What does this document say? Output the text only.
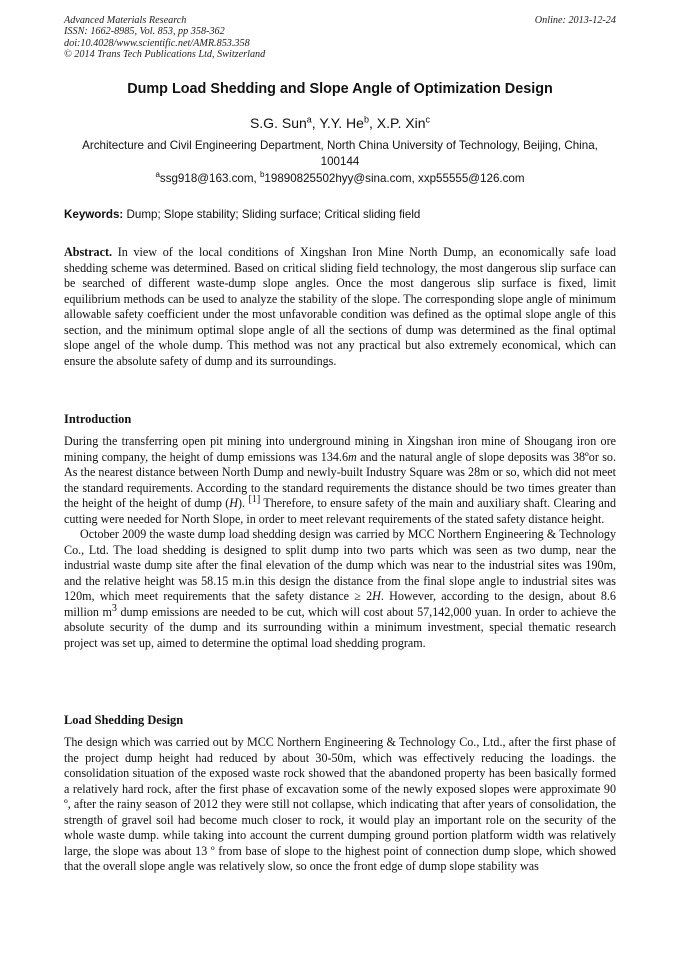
Advanced Materials Research
ISSN: 1662-8985, Vol. 853, pp 358-362
doi:10.4028/www.scientific.net/AMR.853.358
© 2014 Trans Tech Publications Ltd, Switzerland
Online: 2013-12-24
Dump Load Shedding and Slope Angle of Optimization Design
S.G. Sun$^a$, Y.Y. He$^b$, X.P. Xin$^c$
Architecture and Civil Engineering Department, North China University of Technology, Beijing, China, 100144
$^a$ssg918@163.com, $^b$19890825502hyy@sina.com, xxp55555@126.com
Keywords: Dump; Slope stability; Sliding surface; Critical sliding field
Abstract. In view of the local conditions of Xingshan Iron Mine North Dump, an economically safe load shedding scheme was determined. Based on critical sliding field technology, the most dangerous slip surface can be searched of different waste-dump slope angles. Once the most dangerous slip surface is fixed, limit equilibrium methods can be used to analyze the stability of the slope. The corresponding slope angle of minimum allowable safety coefficient under the most unfavorable condition was defined as the optimal slope angle of this section, and the minimum optimal slope angle of all the sections of dump was determined as the final optimal slope angel of the whole dump. This method was not any practical but also extremely economical, which can ensure the absolute safety of dump and its surroundings.
Introduction

During the transferring open pit mining into underground mining in Xingshan iron mine of Shougang iron ore mining company, the height of dump emissions was 134.6m and the natural angle of slope deposits was 38ºor so. As the nearest distance between North Dump and newly-built Industry Square was 28m or so, which did not meet the standard requirements. According to the standard requirements the distance should be two times greater than the height of the height of dump (H). [1] Therefore, to ensure safety of the main and auxiliary shaft. Clearing and cutting were needed for North Slope, in order to meet relevant requirements of the stated safety distance height.

October 2009 the waste dump load shedding design was carried by MCC Northern Engineering & Technology Co., Ltd. The load shedding is designed to split dump into two parts which was seen as two dump, near the industrial waste dump site after the final elevation of the dump which was near to the industrial sites was 190m, and the relative height was 58.15 m.in this design the distance from the final slope angle to industrial sites was 120m, which meet requirements that the safety distance ≥ 2H. However, according to the design, about 8.6 million $m^3$ dump emissions are needed to be cut, which will cost about 57,142,000 yuan. In order to achieve the absolute security of the dump and its surrounding within a minimum investment, special thematic research project was set up, aimed to determine the optimal load shedding program.

Load Shedding Design

The design which was carried out by MCC Northern Engineering & Technology Co., Ltd., after the first phase of the project dump height had reduced by about 30-50m, which was effectively reducing the loadings. the consolidation situation of the exposed waste rock showed that the abandoned property has been basically formed a relatively hard rock, after the first phase of excavation some of the newly exposed slopes were approximate 90 º, after the rainy season of 2012 they were still not collapse, which indicating that after years of consolidation, the strength of gravel soil had become much closer to rock, it would play an important role on the security of the whole waste dump. while taking into account the current dumping ground portion platform width was relatively large, the slope was about 13 º from base of slope to the highest point of connection dump slope, which showed that the overall slope angle was relatively slow, so once the front edge of dump slope stability was
